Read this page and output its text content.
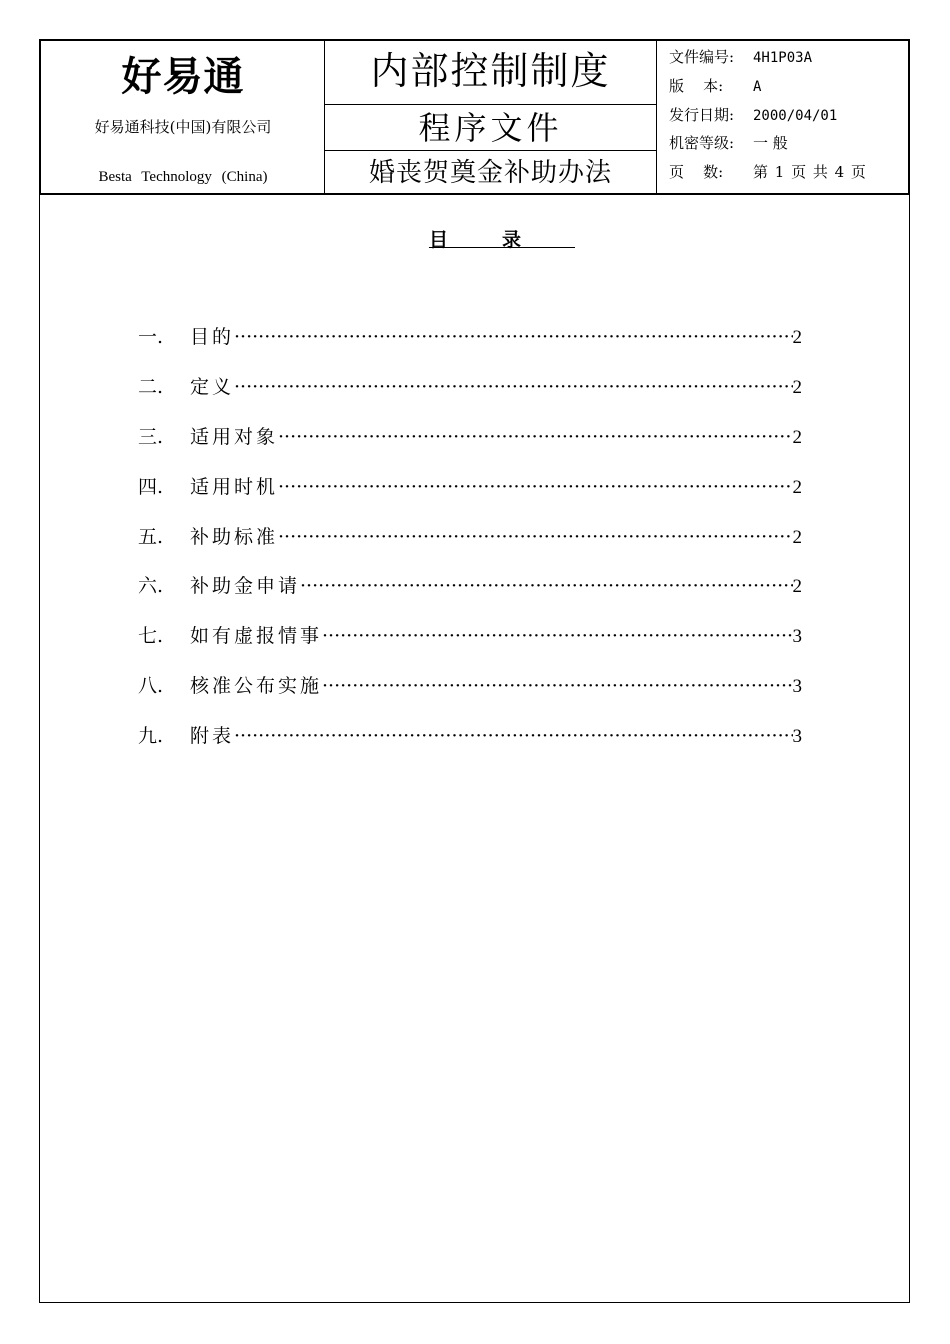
好易通
好易通科技(中国)有限公司
Besta Technology (China)
内部控制制度
程序文件
婚丧贺奠金补助办法
文件编号: 4H1P03A
版    本: A
发行日期: 2000/04/01
机密等级: 一 般
页    数: 第 1 页 共 4 页
目录
一.	目的 ·····	2
二.	定义 ·····	2
三.	适用对象 ·····	2
四.	适用时机 ·····	2
五.	补助标准 ·····	2
六.	补助金申请 ·····	2
七.	如有虚报情事 ·····	3
八.	核准公布实施 ·····	3
九.	附表 ·····	3
